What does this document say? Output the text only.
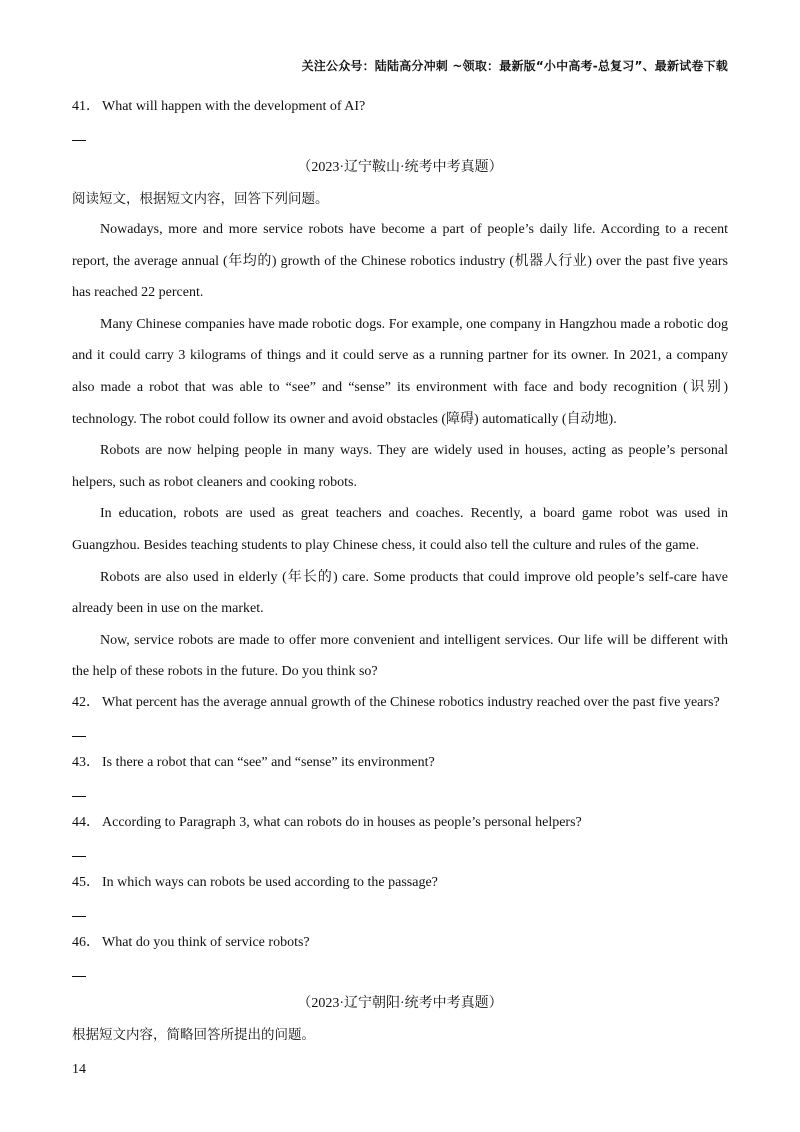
关注公众号：陆陆高分冲刺 ~领取：最新版“小中高考-总复习”、最新试卷下载
41． What will happen with the development of AI?
（2023·辽宁鞍山·统考中考真题）
阅读短文，根据短文内容，回答下列问题。

Nowadays, more and more service robots have become a part of people’s daily life. According to a recent report, the average annual (年均的) growth of the Chinese robotics industry (机器人行业) over the past five years has reached 22 percent.

Many Chinese companies have made robotic dogs. For example, one company in Hangzhou made a robotic dog and it could carry 3 kilograms of things and it could serve as a running partner for its owner. In 2021, a company also made a robot that was able to “see” and “sense” its environment with face and body recognition (识别) technology. The robot could follow its owner and avoid obstacles (障碍) automatically (自动地).

Robots are now helping people in many ways. They are widely used in houses, acting as people’s personal helpers, such as robot cleaners and cooking robots.

In education, robots are used as great teachers and coaches. Recently, a board game robot was used in Guangzhou. Besides teaching students to play Chinese chess, it could also tell the culture and rules of the game.

Robots are also used in elderly (年长的) care. Some products that could improve old people’s self-care have already been in use on the market.

Now, service robots are made to offer more convenient and intelligent services. Our life will be different with the help of these robots in the future. Do you think so?

42． What percent has the average annual growth of the Chinese robotics industry reached over the past five years?
43． Is there a robot that can “see” and “sense” its environment?
44． According to Paragraph 3, what can robots do in houses as people’s personal helpers?
45． In which ways can robots be used according to the passage?
46． What do you think of service robots?
（2023·辽宁朝阳·统考中考真题）
根据短文内容，简略回答所提出的问题。
14
